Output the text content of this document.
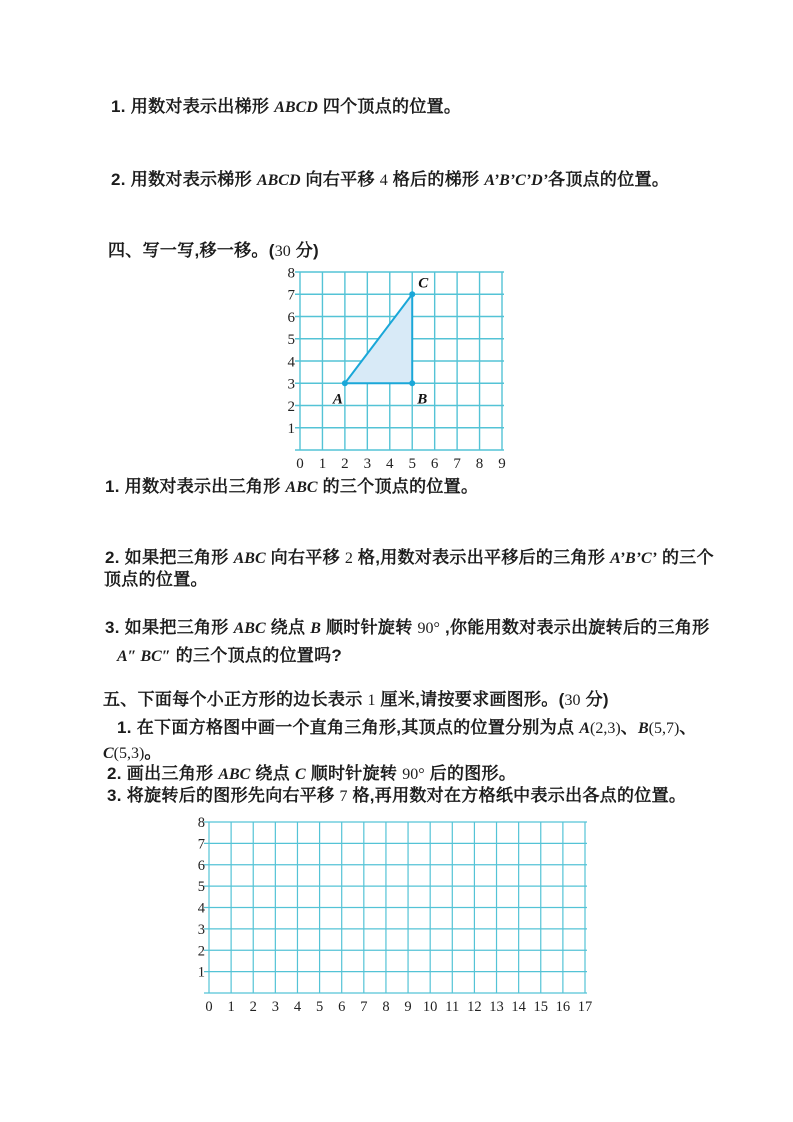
1. 用数对表示出梯形 ABCD 四个顶点的位置。

2. 用数对表示梯形 ABCD 向右平移 4 格后的梯形 A’B’C’D’各顶点的位置。

四、写一写,移一移。(30 分)

0 1 2 3 4 5 6 7 8 9
1
2
3
4
5
6
7
8
A	B
C

1. 用数对表示出三角形 ABC 的三个顶点的位置。

2. 如果把三角形 ABC 向右平移 2 格,用数对表示出平移后的三角形 A’B’C’ 的三个

顶点的位置。

3. 如果把三角形 ABC 绕点 B 顺时针旋转 90° ,你能用数对表示出旋转后的三角形

A″ BC″ 的三个顶点的位置吗?

五、下面每个小正方形的边长表示 1 厘米,请按要求画图形。(30 分)

1. 在下面方格图中画一个直角三角形,其顶点的位置分别为点 A(2,3)、B(5,7)、

C(5,3)。

2. 画出三角形 ABC 绕点 C 顺时针旋转 90° 后的图形。

3. 将旋转后的图形先向右平移 7 格,再用数对在方格纸中表示出各点的位置。

0 1 2 3 4 5 6 7 8 9 10 11 12 13 14 15 16 17
1
2
3
4
5
6
7
8
